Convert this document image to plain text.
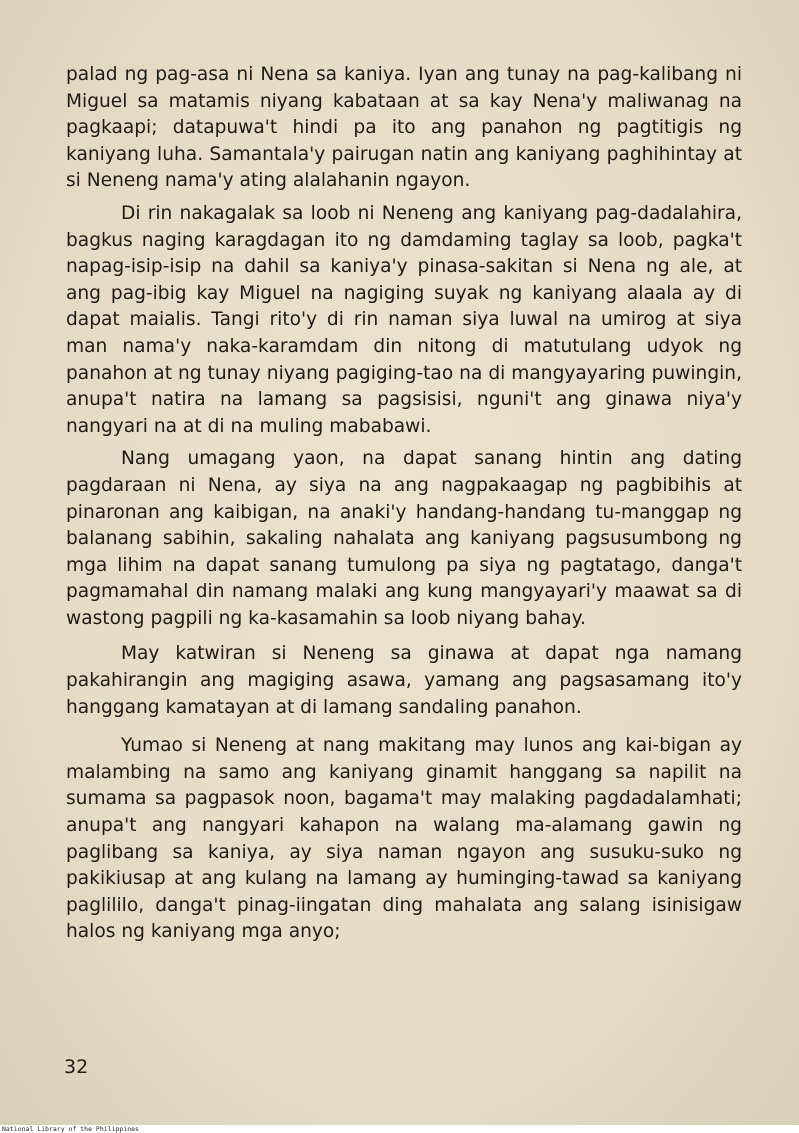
palad ng pag-asa ni Nena sa kaniya. Iyan ang tunay na pag-kalibang ni Miguel sa matamis niyang kabataan at sa kay Nena'y maliwanag na pagkaapi; datapuwa't hindi pa ito ang panahon ng pagtitigis ng kaniyang luha. Samantala'y pairugan natin ang kaniyang paghihintay at si Neneng nama'y ating alalahanin ngayon.

Di rin nakagalak sa loob ni Neneng ang kaniyang pag-dadalahira, bagkus naging karagdagan ito ng damdaming taglay sa loob, pagka't napag-isip-isip na dahil sa kaniya'y pinasa-sakitan si Nena ng ale, at ang pag-ibig kay Miguel na nagiging suyak ng kaniyang alaala ay di dapat maialis. Tangi rito'y di rin naman siya luwal na umirog at siya man nama'y naka-karamdam din nitong di matutulang udyok ng panahon at ng tunay niyang pagiging-tao na di mangyayaring puwingin, anupa't natira na lamang sa pagsisisi, nguni't ang ginawa niya'y nangyari na at di na muling mababawi.

Nang umagang yaon, na dapat sanang hintin ang dating pagdaraan ni Nena, ay siya na ang nagpakaagap ng pagbibihis at pinaronan ang kaibigan, na anaki'y handang-handang tu-manggap ng balanang sabihin, sakaling nahalata ang kaniyang pagsusumbong ng mga lihim na dapat sanang tumulong pa siya ng pagtatago, danga't pagmamahal din namang malaki ang kung mangyayari'y maawat sa di wastong pagpili ng ka-kasamahin sa loob niyang bahay.

May katwiran si Neneng sa ginawa at dapat nga namang pakahirangin ang magiging asawa, yamang ang pagsasamang ito'y hanggang kamatayan at di lamang sandaling panahon.

Yumao si Neneng at nang makitang may lunos ang kai-bigan ay malambing na samo ang kaniyang ginamit hanggang sa napilit na sumama sa pagpasok noon, bagama't may malaking pagdadalamhati; anupa't ang nangyari kahapon na walang ma-alamang gawin ng paglibang sa kaniya, ay siya naman ngayon ang susuku-suko ng pakikiusap at ang kulang na lamang ay huminging-tawad sa kaniyang paglililo, danga't pinag-iingatan ding mahalata ang salang isinisigaw halos ng kaniyang mga anyo;

32
National Library of the Philippines
